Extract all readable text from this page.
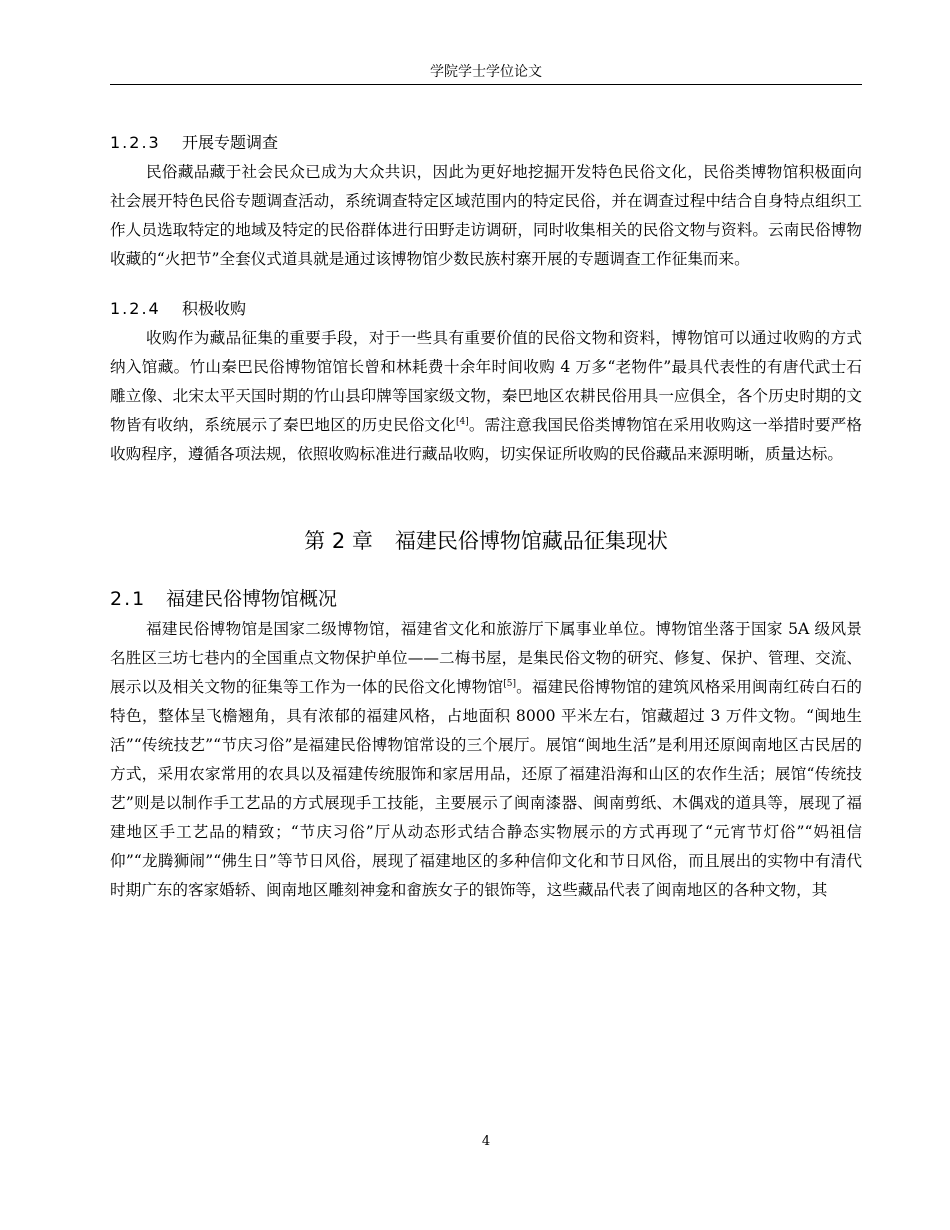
学院学士学位论文
1.2.3 开展专题调查

民俗藏品藏于社会民众已成为大众共识，因此为更好地挖掘开发特色民俗文化，民俗类博物馆积极面向社会展开特色民俗专题调查活动，系统调查特定区域范围内的特定民俗，并在调查过程中结合自身特点组织工作人员选取特定的地域及特定的民俗群体进行田野走访调研，同时收集相关的民俗文物与资料。云南民俗博物收藏的“火把节”全套仪式道具就是通过该博物馆少数民族村寨开展的专题调查工作征集而来。

1.2.4 积极收购

收购作为藏品征集的重要手段，对于一些具有重要价值的民俗文物和资料，博物馆可以通过收购的方式纳入馆藏。竹山秦巴民俗博物馆馆长曾和林耗费十余年时间收购 4 万多“老物件”最具代表性的有唐代武士石雕立像、北宋太平天国时期的竹山县印牌等国家级文物，秦巴地区农耕民俗用具一应俱全，各个历史时期的文物皆有收纳，系统展示了秦巴地区的历史民俗文化[4]。需注意我国民俗类博物馆在采用收购这一举措时要严格收购程序，遵循各项法规，依照收购标准进行藏品收购，切实保证所收购的民俗藏品来源明晰，质量达标。

第 2 章 福建民俗博物馆藏品征集现状
2.1 福建民俗博物馆概况

福建民俗博物馆是国家二级博物馆，福建省文化和旅游厅下属事业单位。博物馆坐落于国家 5A 级风景名胜区三坊七巷内的全国重点文物保护单位——二梅书屋，是集民俗文物的研究、修复、保护、管理、交流、展示以及相关文物的征集等工作为一体的民俗文化博物馆[5]。福建民俗博物馆的建筑风格采用闽南红砖白石的特色，整体呈飞檐翘角，具有浓郁的福建风格，占地面积 8000 平米左右，馆藏超过 3 万件文物。“闽地生活”“传统技艺”“节庆习俗”是福建民俗博物馆常设的三个展厅。展馆“闽地生活”是利用还原闽南地区古民居的方式，采用农家常用的农具以及福建传统服饰和家居用品，还原了福建沿海和山区的农作生活；展馆“传统技艺”则是以制作手工艺品的方式展现手工技能，主要展示了闽南漆器、闽南剪纸、木偶戏的道具等，展现了福建地区手工艺品的精致；“节庆习俗”厅从动态形式结合静态实物展示的方式再现了“元宵节灯俗”“妈祖信仰”“龙腾狮闹”“佛生日”等节日风俗，展现了福建地区的多种信仰文化和节日风俗，而且展出的实物中有清代时期广东的客家婚轿、闽南地区雕刻神龛和畲族女子的银饰等，这些藏品代表了闽南地区的各种文物，其

4
